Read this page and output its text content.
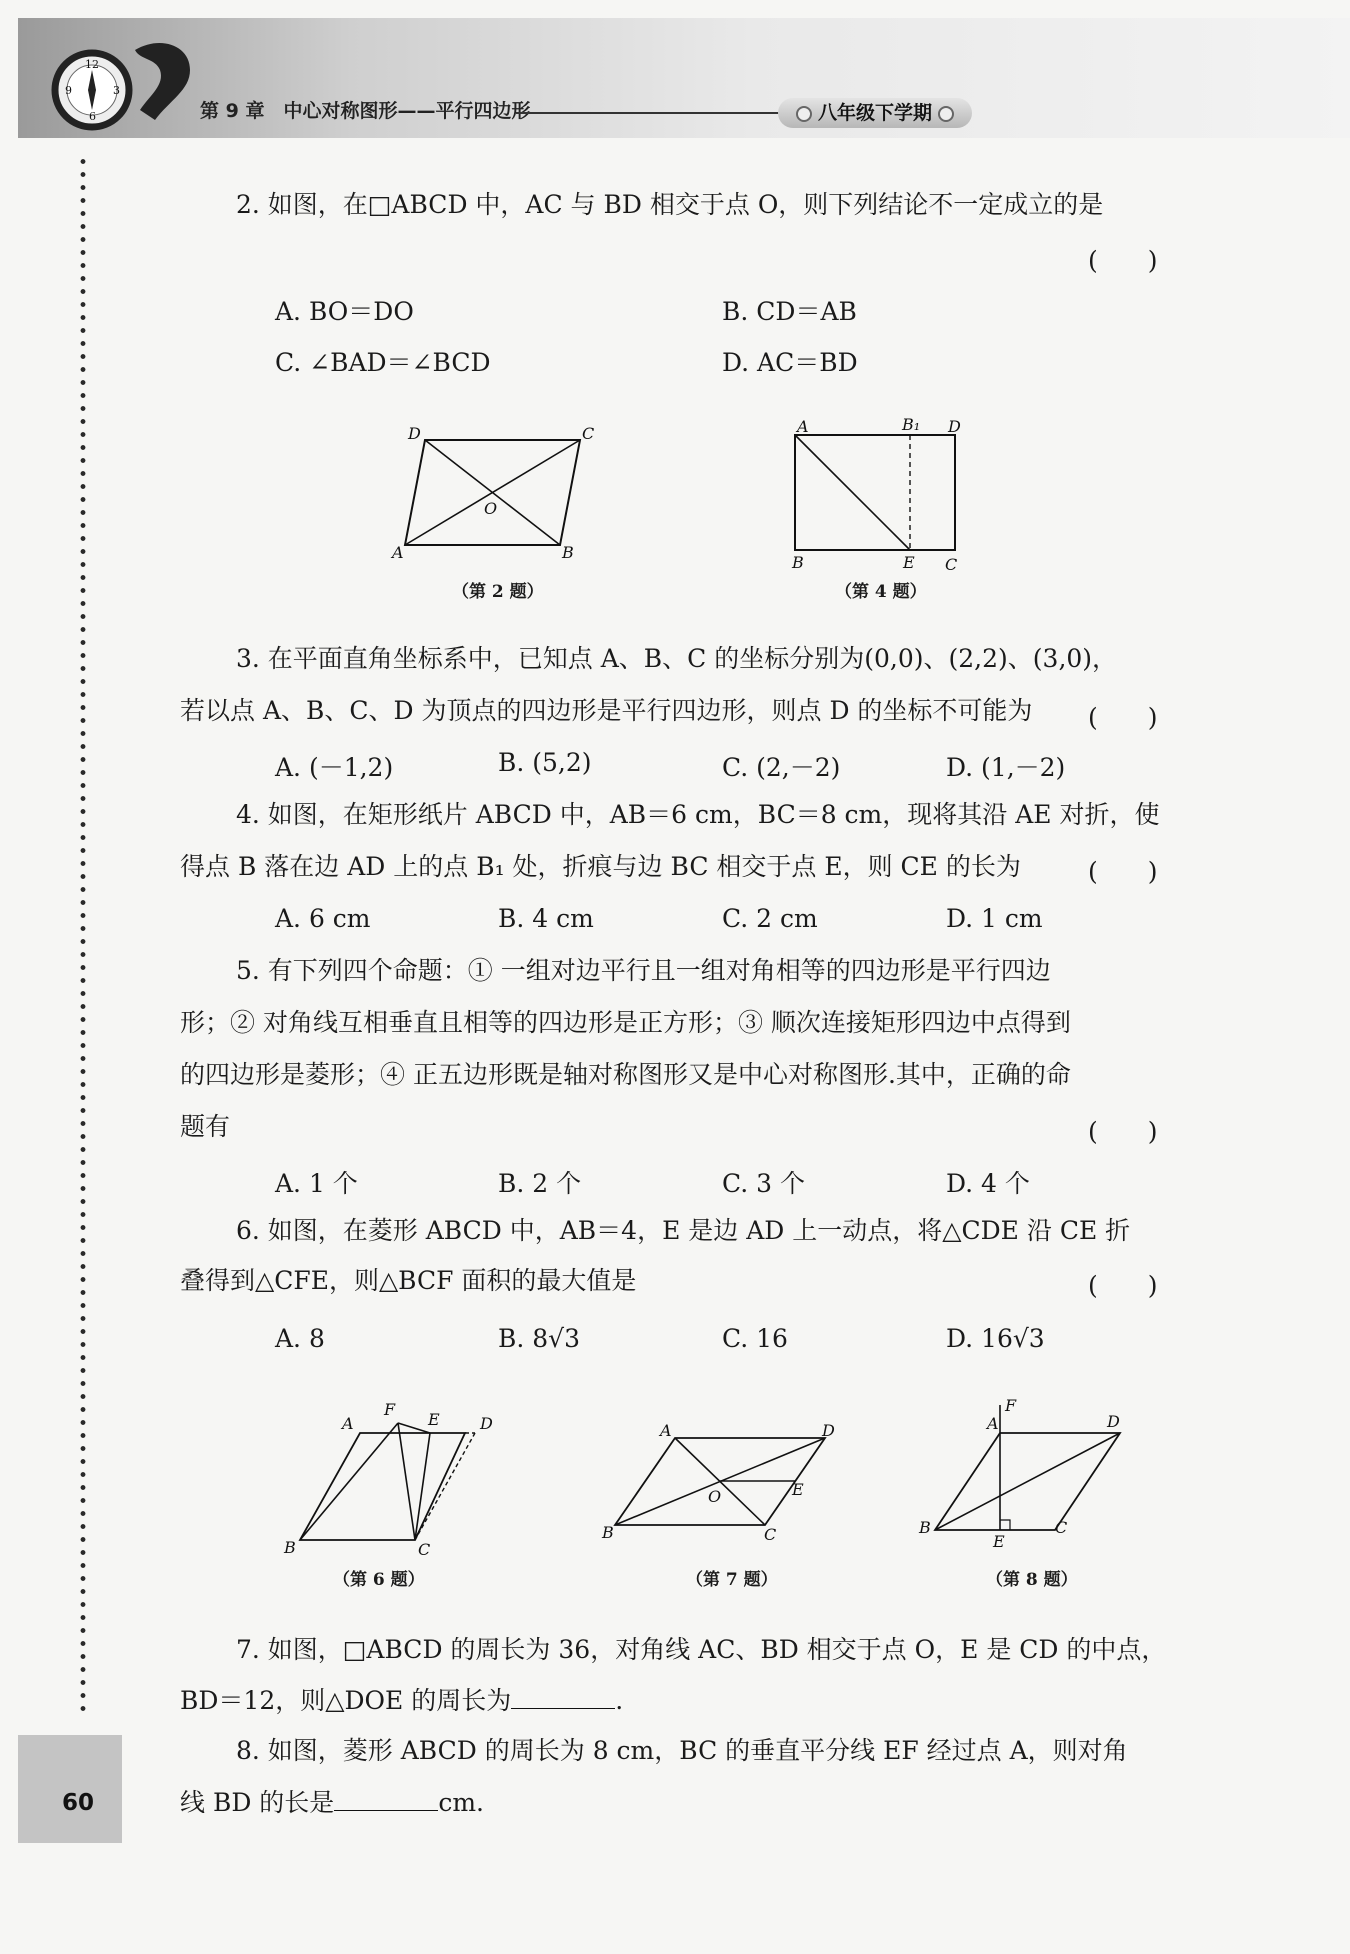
12
3
6
9
第 9 章　中心对称图形——平行四边形	八年级下学期
60
2. 如图，在□ABCD 中，AC 与 BD 相交于点 O，则下列结论不一定成立的是
(　　)
A. BO＝DO	B. CD＝AB
C. ∠BAD＝∠BCD	D. AC＝BD
D	C
O
A	B
（第 2 题）
A	B₁ D
B	E C
（第 4 题）
3. 在平面直角坐标系中，已知点 A、B、C 的坐标分别为(0,0)、(2,2)、(3,0)，
若以点 A、B、C、D 为顶点的四边形是平行四边形，则点 D 的坐标不可能为 (　　)
A. (－1,2)	B. (5,2)	C. (2,－2)	D. (1,－2)
4. 如图，在矩形纸片 ABCD 中，AB＝6 cm，BC＝8 cm，现将其沿 AE 对折，使
得点 B 落在边 AD 上的点 B₁ 处，折痕与边 BC 相交于点 E，则 CE 的长为	(　　)
A. 6 cm	B. 4 cm	C. 2 cm	D. 1 cm
5. 有下列四个命题：① 一组对边平行且一组对角相等的四边形是平行四边
形；② 对角线互相垂直且相等的四边形是正方形；③ 顺次连接矩形四边中点得到
的四边形是菱形；④ 正五边形既是轴对称图形又是中心对称图形.其中，正确的命
题有	(　　)
A. 1 个	B. 2 个	C. 3 个	D. 4 个
6. 如图，在菱形 ABCD 中，AB＝4，E 是边 AD 上一动点，将△CDE 沿 CE 折
叠得到△CFE，则△BCF 面积的最大值是	(　　)
A. 8	B. 8√3	C. 16	D. 16√3
A
F
E	D
B	C
（第 6 题）
A	D
O	E
B	C
（第 7 题）
F
A	D
B
E
C
（第 8 题）
7. 如图，□ABCD 的周长为 36，对角线 AC、BD 相交于点 O，E 是 CD 的中点，
BD＝12，则△DOE 的周长为	.
8. 如图，菱形 ABCD 的周长为 8 cm，BC 的垂直平分线 EF 经过点 A，则对角
线 BD 的长是	cm.
